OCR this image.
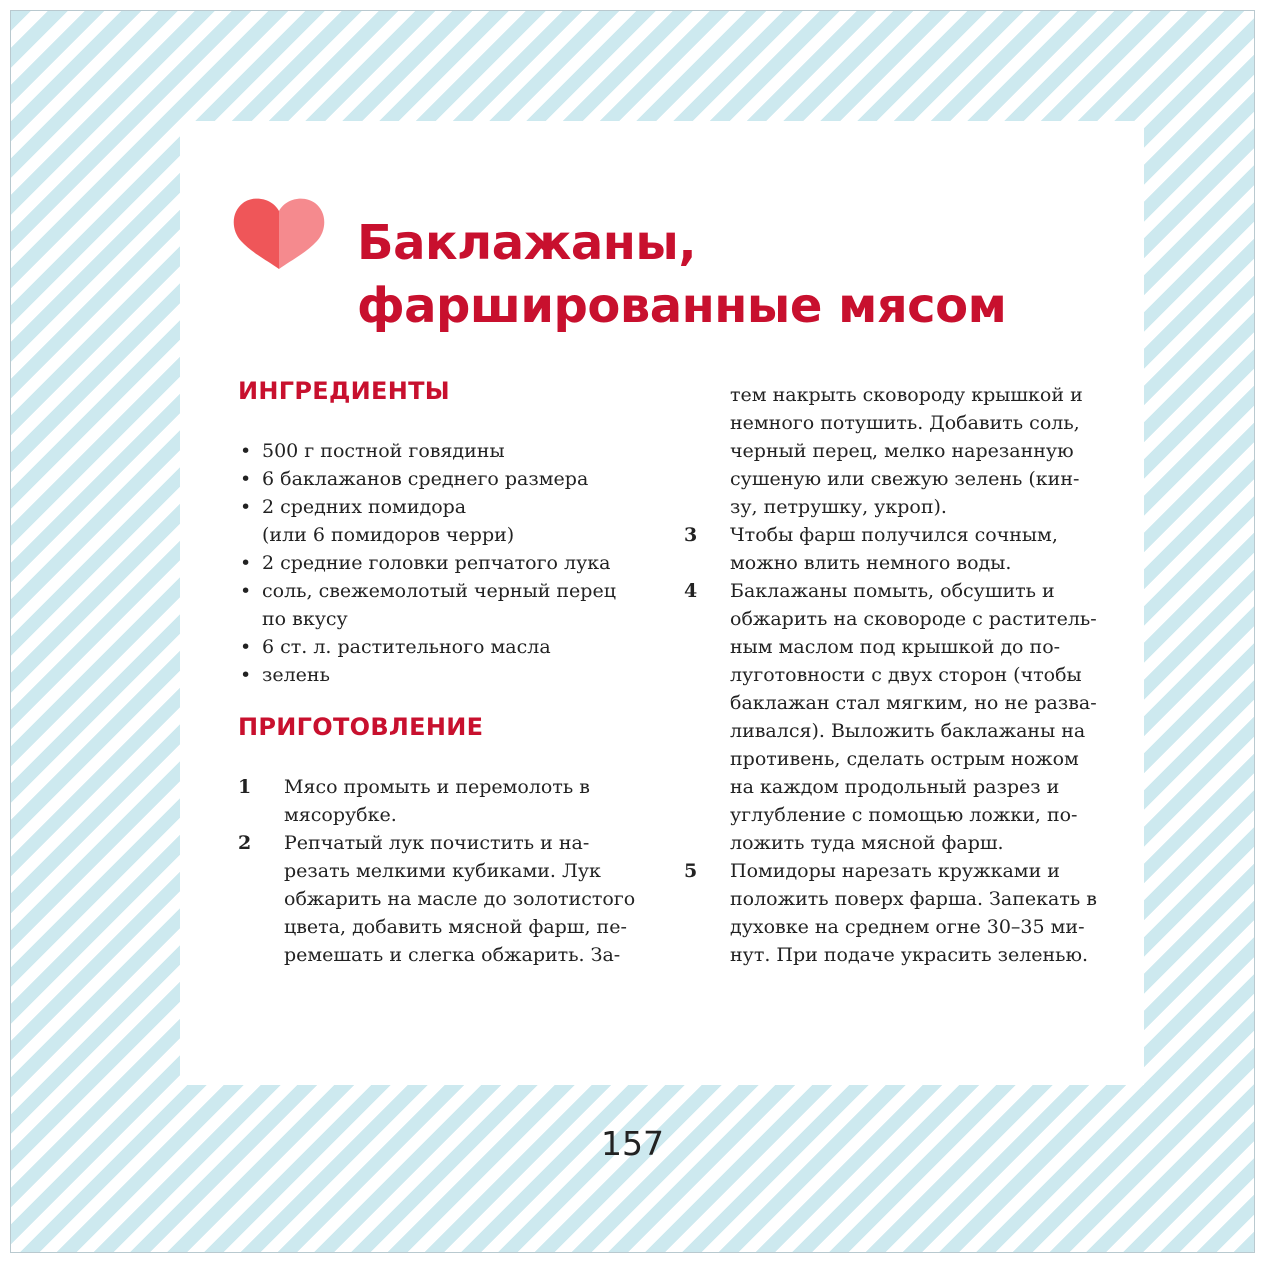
Баклажаны,
фаршированные мясом
ИНГРЕДИЕНТЫ
• 500 г постной говядины
• 6 баклажанов среднего размера
• 2 средних помидора
(или 6 помидоров черри)
• 2 средние головки репчатого лука
• соль, свежемолотый черный перец
по вкусу
• 6 ст. л. растительного масла
• зелень
ПРИГОТОВЛЕНИЕ
1 Мясо промыть и перемолоть в
мясорубке.
2 Репчатый лук почистить и на-
резать мелкими кубиками. Лук
обжарить на масле до золотистого
цвета, добавить мясной фарш, пе-
ремешать и слегка обжарить. За-
тем накрыть сковороду крышкой и
немного потушить. Добавить соль,
черный перец, мелко нарезанную
сушеную или свежую зелень (кин-
зу, петрушку, укроп).
3 Чтобы фарш получился сочным,
можно влить немного воды.
4 Баклажаны помыть, обсушить и
обжарить на сковороде с раститель-
ным маслом под крышкой до по-
луготовности с двух сторон (чтобы
баклажан стал мягким, но не разва-
ливался). Выложить баклажаны на
противень, сделать острым ножом
на каждом продольный разрез и
углубление с помощью ложки, по-
ложить туда мясной фарш.
5 Помидоры нарезать кружками и
положить поверх фарша. Запекать в
духовке на среднем огне 30–35 ми-
нут. При подаче украсить зеленью.

157
